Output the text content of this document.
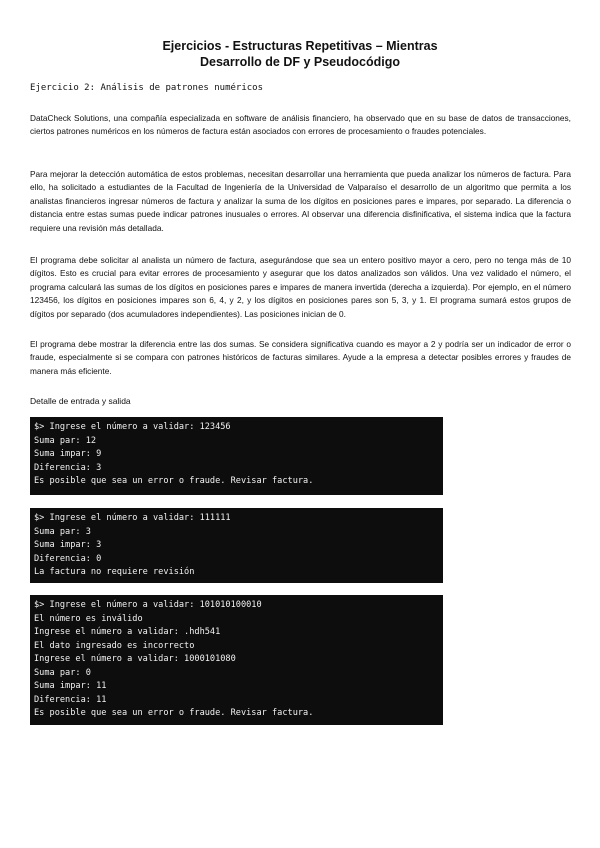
Ejercicios - Estructuras Repetitivas – Mientras
Desarrollo de DF y Pseudocódigo
Ejercicio 2: Análisis de patrones numéricos

DataCheck Solutions, una compañía especializada en software de análisis financiero, ha observado que en su base de datos de transacciones, ciertos patrones numéricos en los números de factura están asociados con errores de procesamiento o fraudes potenciales.

Para mejorar la detección automática de estos problemas, necesitan desarrollar una herramienta que pueda analizar los números de factura. Para ello, ha solicitado a estudiantes de la Facultad de Ingeniería de la Universidad de Valparaíso el desarrollo de un algoritmo que permita a los analistas financieros ingresar números de factura y analizar la suma de los dígitos en posiciones pares e impares, por separado. La diferencia o distancia entre estas sumas puede indicar patrones inusuales o errores. Al observar una diferencia disfinificativa, el sistema indica que la factura requiere una revisión más detallada.

El programa debe solicitar al analista un número de factura, asegurándose que sea un entero positivo mayor a cero, pero no tenga más de 10 dígitos. Esto es crucial para evitar errores de procesamiento y asegurar que los datos analizados son válidos. Una vez validado el número, el programa calculará las sumas de los dígitos en posiciones pares e impares de manera invertida (derecha a izquierda). Por ejemplo, en el número 123456, los dígitos en posiciones impares son 6, 4, y 2, y los dígitos en posiciones pares son 5, 3, y 1. El programa sumará estos grupos de dígitos por separado (dos acumuladores independientes). Las posiciones inician de 0.

El programa debe mostrar la diferencia entre las dos sumas. Se considera significativa cuando es mayor a 2 y podría ser un indicador de error o fraude, especialmente si se compara con patrones históricos de facturas similares. Ayude a la empresa a detectar posibles errores y fraudes de manera más eficiente.

Detalle de entrada y salida
$> Ingrese el número a validar: 123456
Suma par: 12
Suma impar: 9
Diferencia: 3
Es posible que sea un error o fraude. Revisar factura.
$> Ingrese el número a validar: 111111
Suma par: 3
Suma impar: 3
Diferencia: 0
La factura no requiere revisión
$> Ingrese el número a validar: 101010100010
El número es inválido
Ingrese el número a validar: .hdh541
El dato ingresado es incorrecto
Ingrese el número a validar: 1000101080
Suma par: 0
Suma impar: 11
Diferencia: 11
Es posible que sea un error o fraude. Revisar factura.
